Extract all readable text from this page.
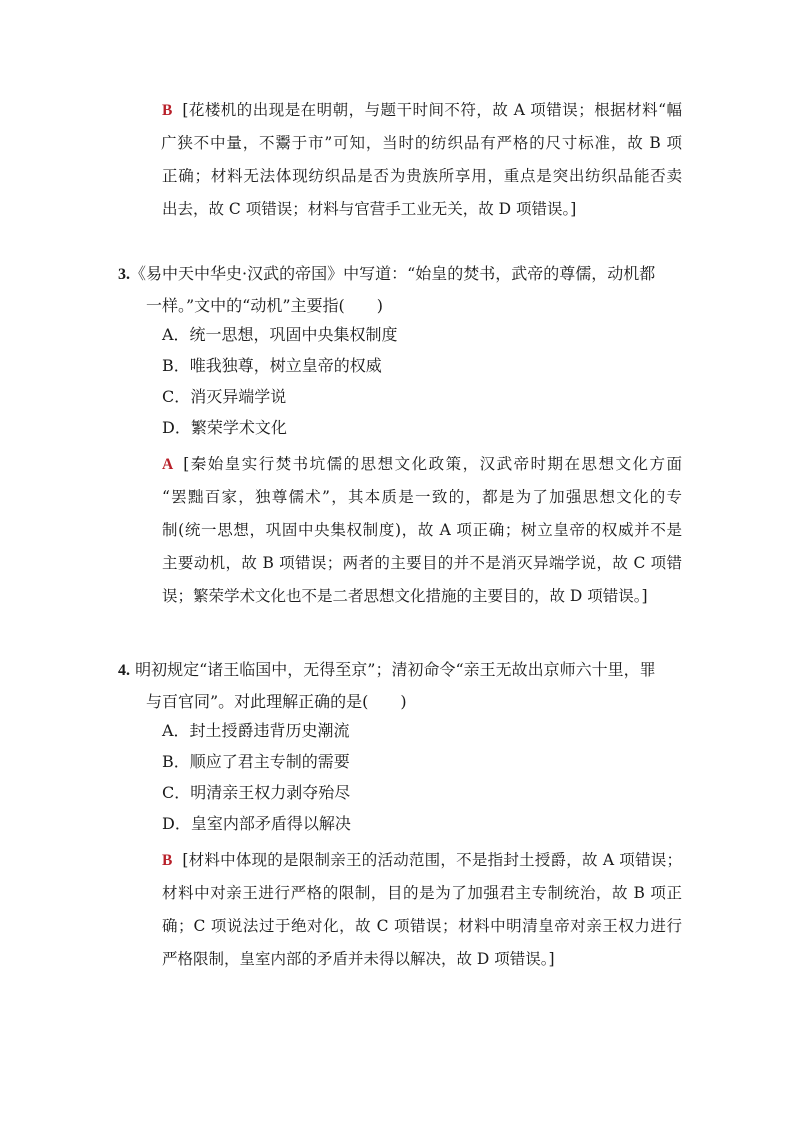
B [花楼机的出现是在明朝，与题干时间不符，故 A 项错误；根据材料“幅
广狭不中量，不鬻于市”可知，当时的纺织品有严格的尺寸标准，故 B 项
正确；材料无法体现纺织品是否为贵族所享用，重点是突出纺织品能否卖
出去，故 C 项错误；材料与官营手工业无关，故 D 项错误。]
3.《易中天中华史·汉武的帝国》中写道：“始皇的焚书，武帝的尊儒，动机都
一样。”文中的“动机”主要指(　　)
A．统一思想，巩固中央集权制度
B．唯我独尊，树立皇帝的权威
C．消灭异端学说
D．繁荣学术文化
A [秦始皇实行焚书坑儒的思想文化政策，汉武帝时期在思想文化方面
“罢黜百家，独尊儒术”，其本质是一致的，都是为了加强思想文化的专
制(统一思想，巩固中央集权制度)，故 A 项正确；树立皇帝的权威并不是
主要动机，故 B 项错误；两者的主要目的并不是消灭异端学说，故 C 项错
误；繁荣学术文化也不是二者思想文化措施的主要目的，故 D 项错误。]
4. 明初规定“诸王临国中，无得至京”；清初命令“亲王无故出京师六十里，罪
与百官同”。对此理解正确的是(　　)
A．封土授爵违背历史潮流
B．顺应了君主专制的需要
C．明清亲王权力剥夺殆尽
D．皇室内部矛盾得以解决
B [材料中体现的是限制亲王的活动范围，不是指封土授爵，故 A 项错误；
材料中对亲王进行严格的限制，目的是为了加强君主专制统治，故 B 项正
确；C 项说法过于绝对化，故 C 项错误；材料中明清皇帝对亲王权力进行
严格限制，皇室内部的矛盾并未得以解决，故 D 项错误。]
